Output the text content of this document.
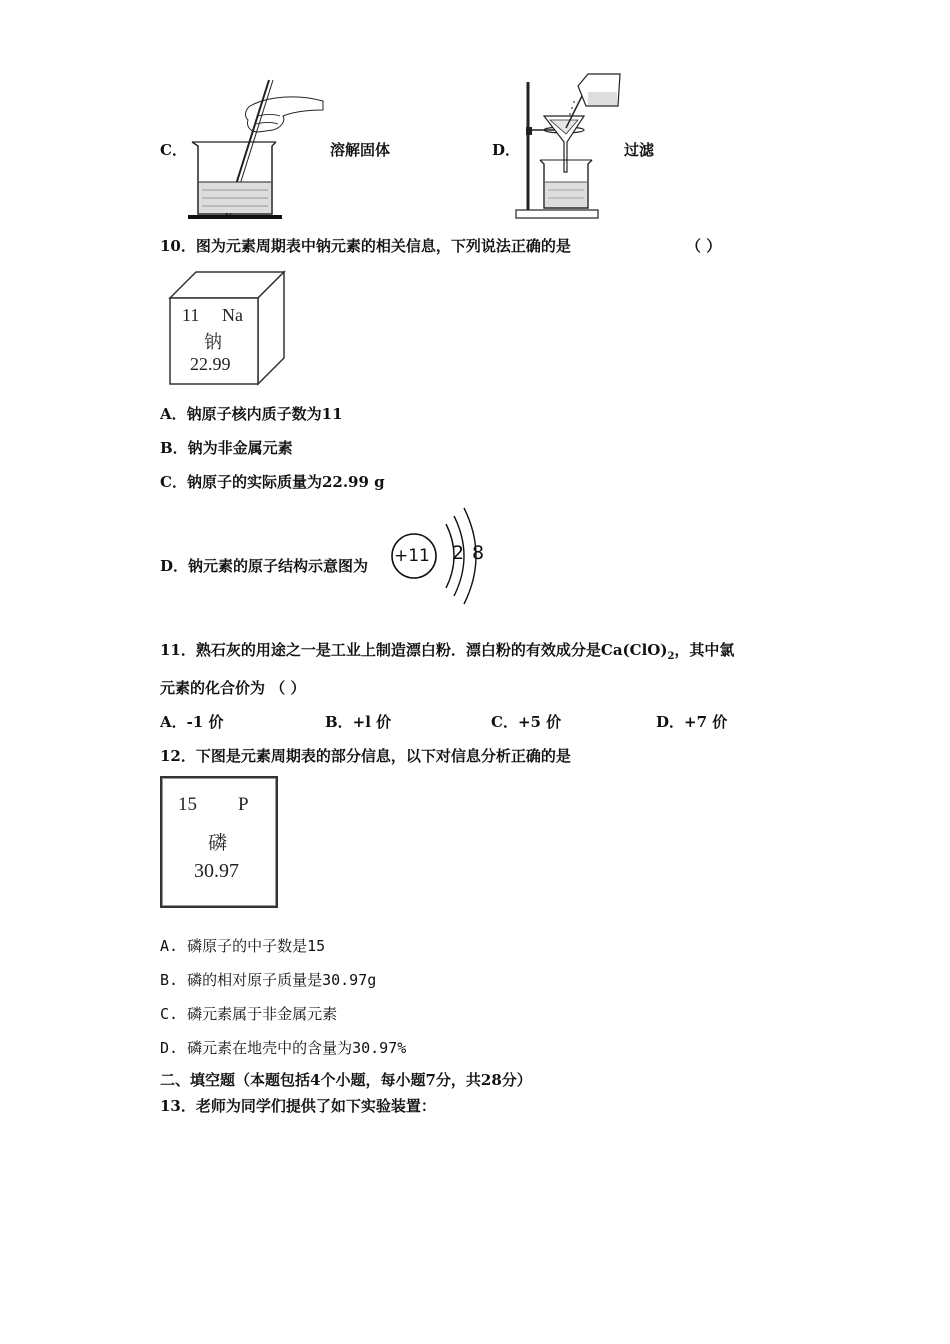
C．	溶解固体	D．	过滤
10．图为元素周期表中钠元素的相关信息，下列说法正确的是	（ ）
11 Na
钠
22.99
A．钠原子核内质子数为11
B．钠为非金属元素
C．钠原子的实际质量为22.99 g
D．钠元素的原子结构示意图为 +11 2 8
11．熟石灰的用途之一是工业上制造漂白粉．漂白粉的有效成分是$Ca(ClO)_2$，其中氯
元素的化合价为 （ ）
A．-1 价	B．+l 价	C．+5 价	D．+7 价
12．下图是元素周期表的部分信息，以下对信息分析正确的是
15 P
磷
30.97
A. 磷原子的中子数是15
B. 磷的相对原子质量是30.97g
C. 磷元素属于非金属元素
D. 磷元素在地壳中的含量为30.97%
二、填空题（本题包括4个小题，每小题7分，共28分）
13．老师为同学们提供了如下实验装置：
